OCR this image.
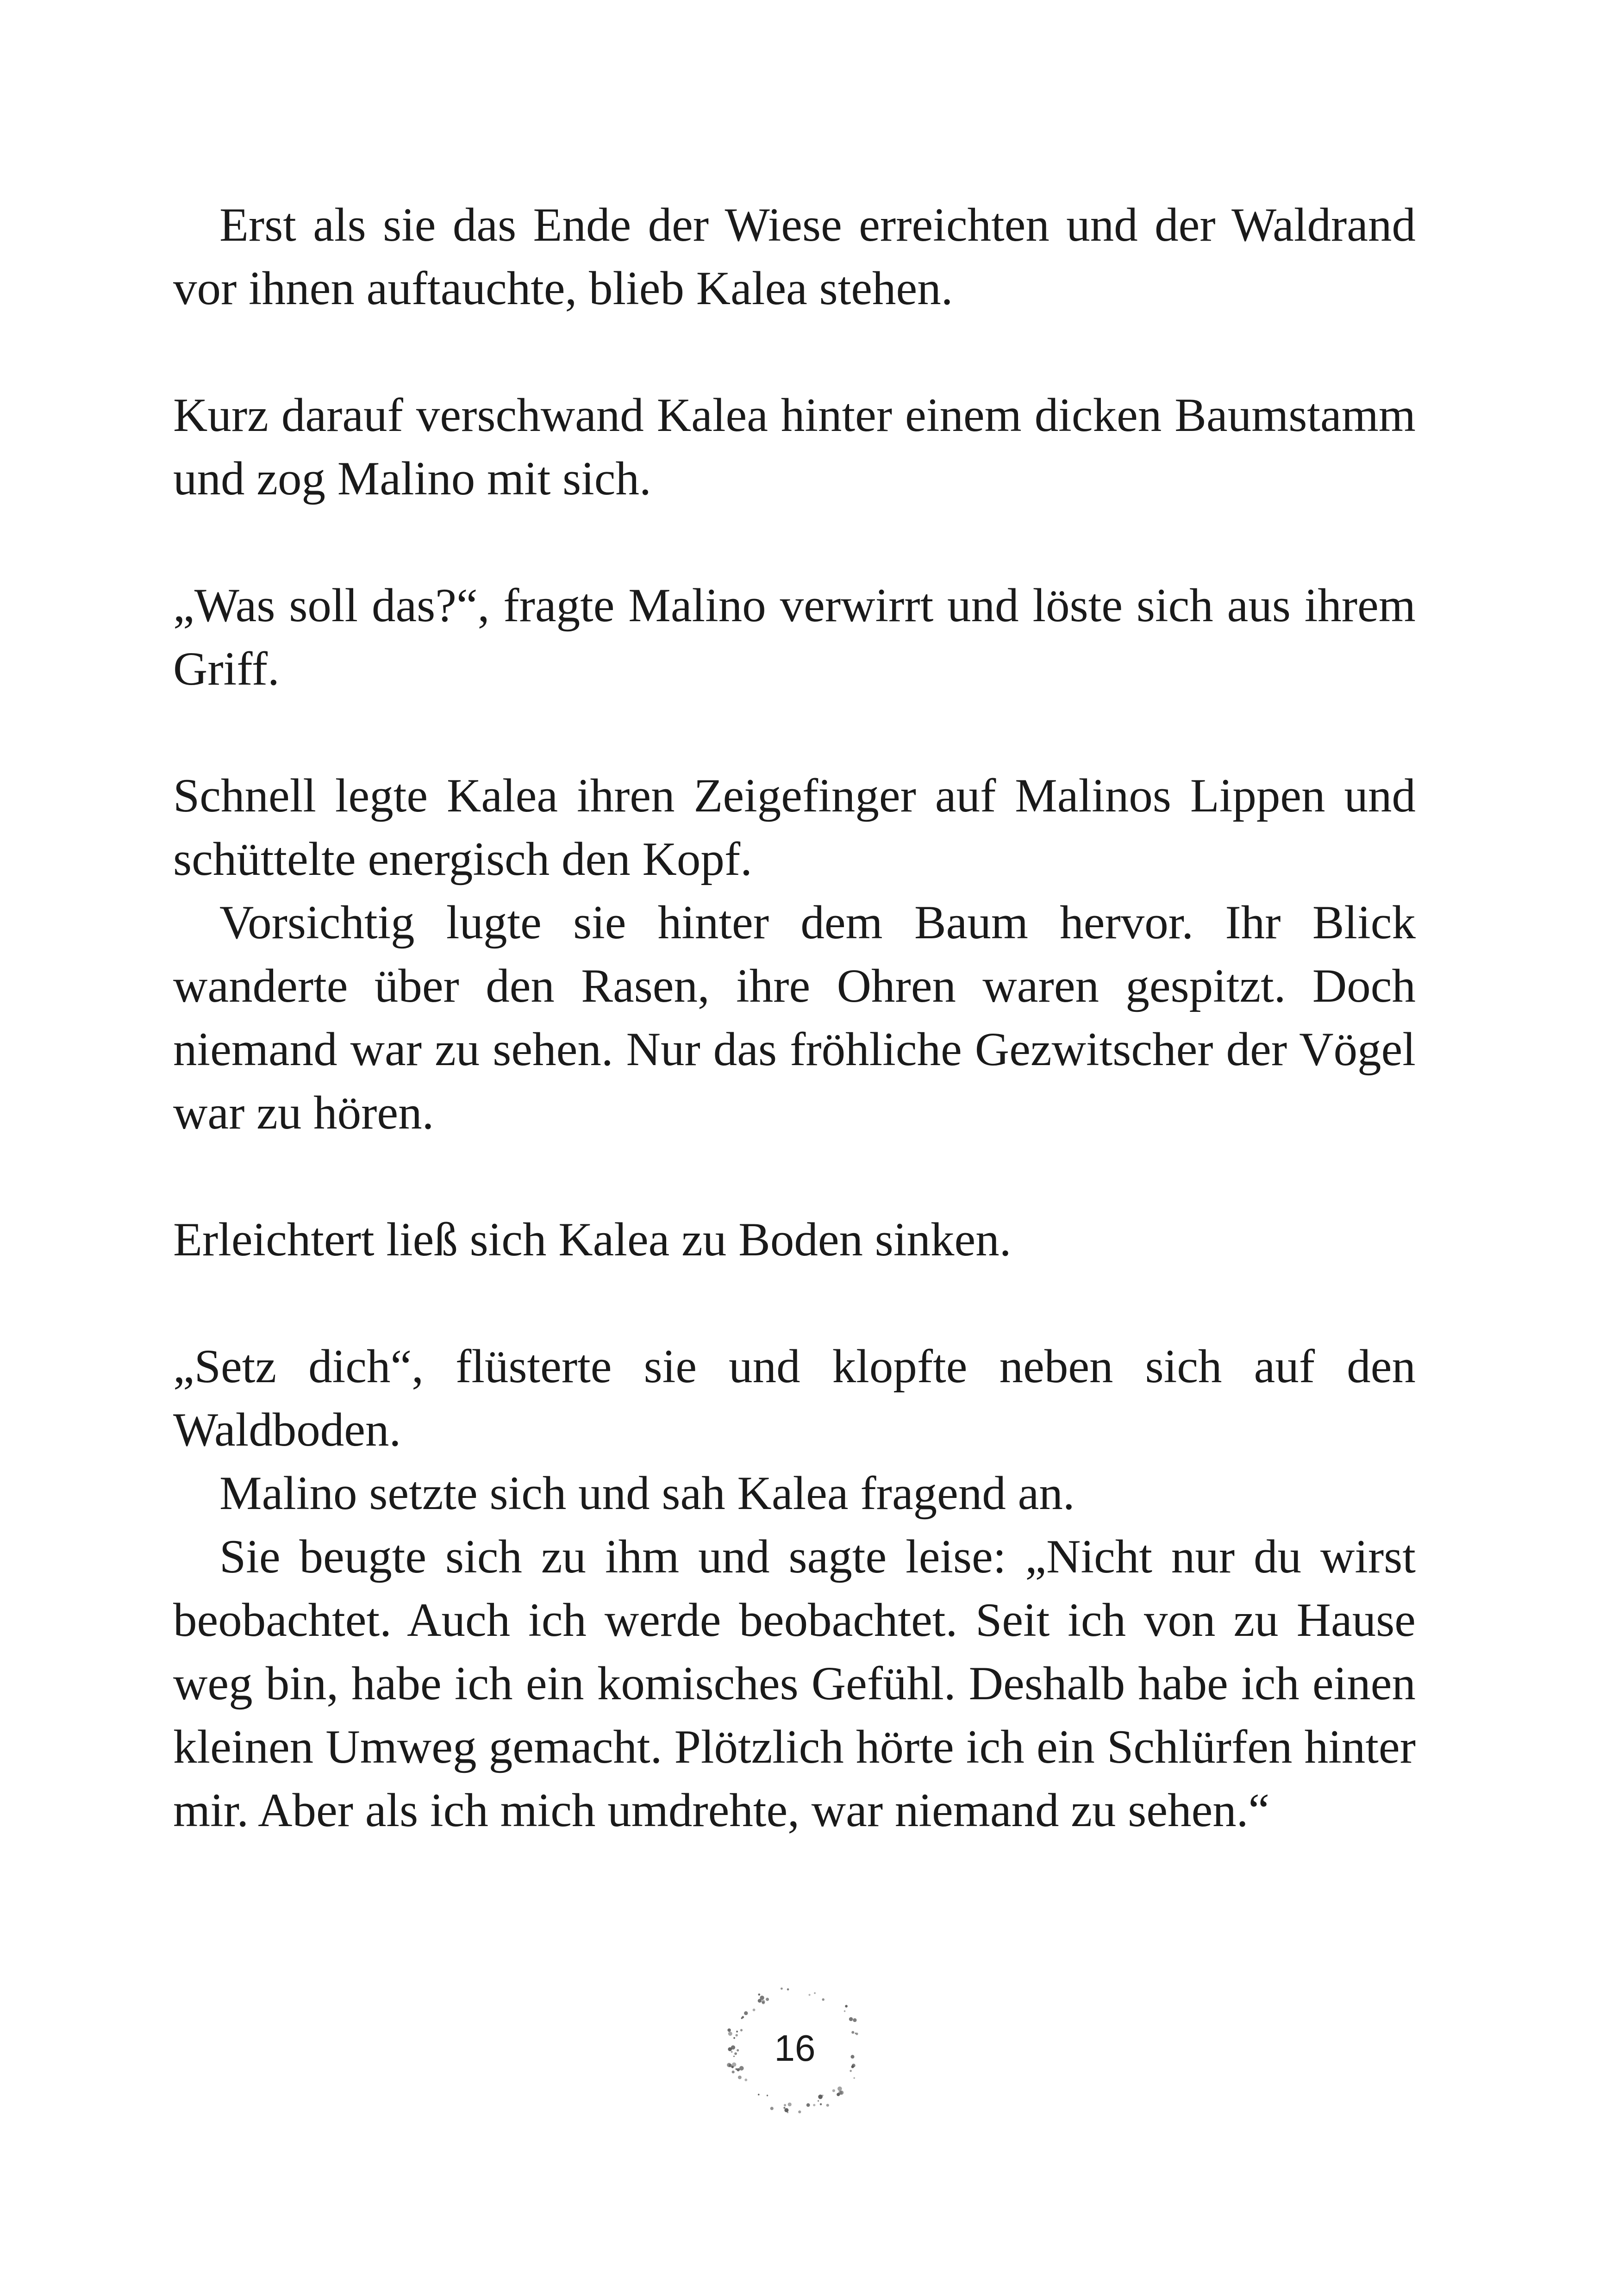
Erst als sie das Ende der Wiese erreichten und der Waldrand vor ihnen auftauchte, blieb Kalea stehen.

Kurz darauf verschwand Kalea hinter einem dicken Baumstamm und zog Malino mit sich.

„Was soll das?“, fragte Malino verwirrt und löste sich aus ihrem Griff.

Schnell legte Kalea ihren Zeigefinger auf Malinos Lippen und schüttelte energisch den Kopf.

Vorsichtig lugte sie hinter dem Baum hervor. Ihr Blick wanderte über den Rasen, ihre Ohren waren gespitzt. Doch niemand war zu sehen. Nur das fröhliche Gezwitscher der Vögel war zu hören.

Erleichtert ließ sich Kalea zu Boden sinken.

„Setz dich“, flüsterte sie und klopfte neben sich auf den Waldboden.

Malino setzte sich und sah Kalea fragend an.

Sie beugte sich zu ihm und sagte leise: „Nicht nur du wirst beobachtet. Auch ich werde beobachtet. Seit ich von zu Hause weg bin, habe ich ein komisches Gefühl. Deshalb habe ich einen kleinen Umweg gemacht. Plötzlich hörte ich ein Schlürfen hinter mir. Aber als ich mich umdrehte, war niemand zu sehen.“

16
